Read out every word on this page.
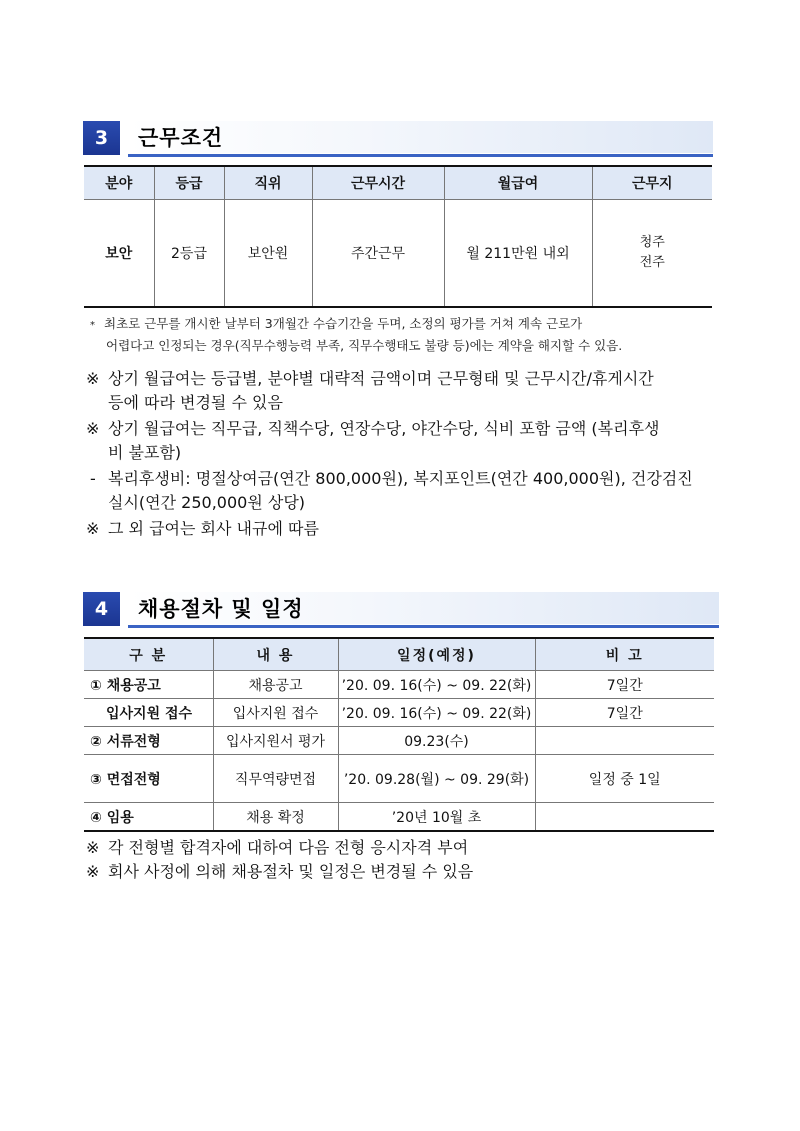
3	근무조건
분야	등급	직위	근무시간	월급여	근무지
보안	2등급	보안원	주간근무	월 211만원 내외	청주
전주
* 최초로 근무를 개시한 날부터 3개월간 수습기간을 두며, 소정의 평가를 거쳐 계속 근로가
어렵다고 인정되는 경우(직무수행능력 부족, 직무수행태도 불량 등)에는 계약을 해지할 수 있음.
※ 상기 월급여는 등급별, 분야별 대략적 금액이며 근무형태 및 근무시간/휴게시간
등에 따라 변경될 수 있음
※ 상기 월급여는 직무급, 직책수당, 연장수당, 야간수당, 식비 포함 금액 (복리후생
비 불포함)
- 복리후생비: 명절상여금(연간 800,000원), 복지포인트(연간 400,000원), 건강검진
실시(연간 250,000원 상당)
※ 그 외 급여는 회사 내규에 따름
4	채용절차 및 일정
구 분	내 용	일정(예정)	비 고
① 채용공고	채용공고	’20. 09. 16(수) ~ 09. 22(화)	7일간
입사지원 접수	입사지원 접수	’20. 09. 16(수) ~ 09. 22(화)	7일간
② 서류전형	입사지원서 평가	09.23(수)	
③ 면접전형	직무역량면접	’20. 09.28(월) ~ 09. 29(화)	일정 중 1일
④ 임용	채용 확정	’20년 10월 초	
※ 각 전형별 합격자에 대하여 다음 전형 응시자격 부여
※ 회사 사정에 의해 채용절차 및 일정은 변경될 수 있음
